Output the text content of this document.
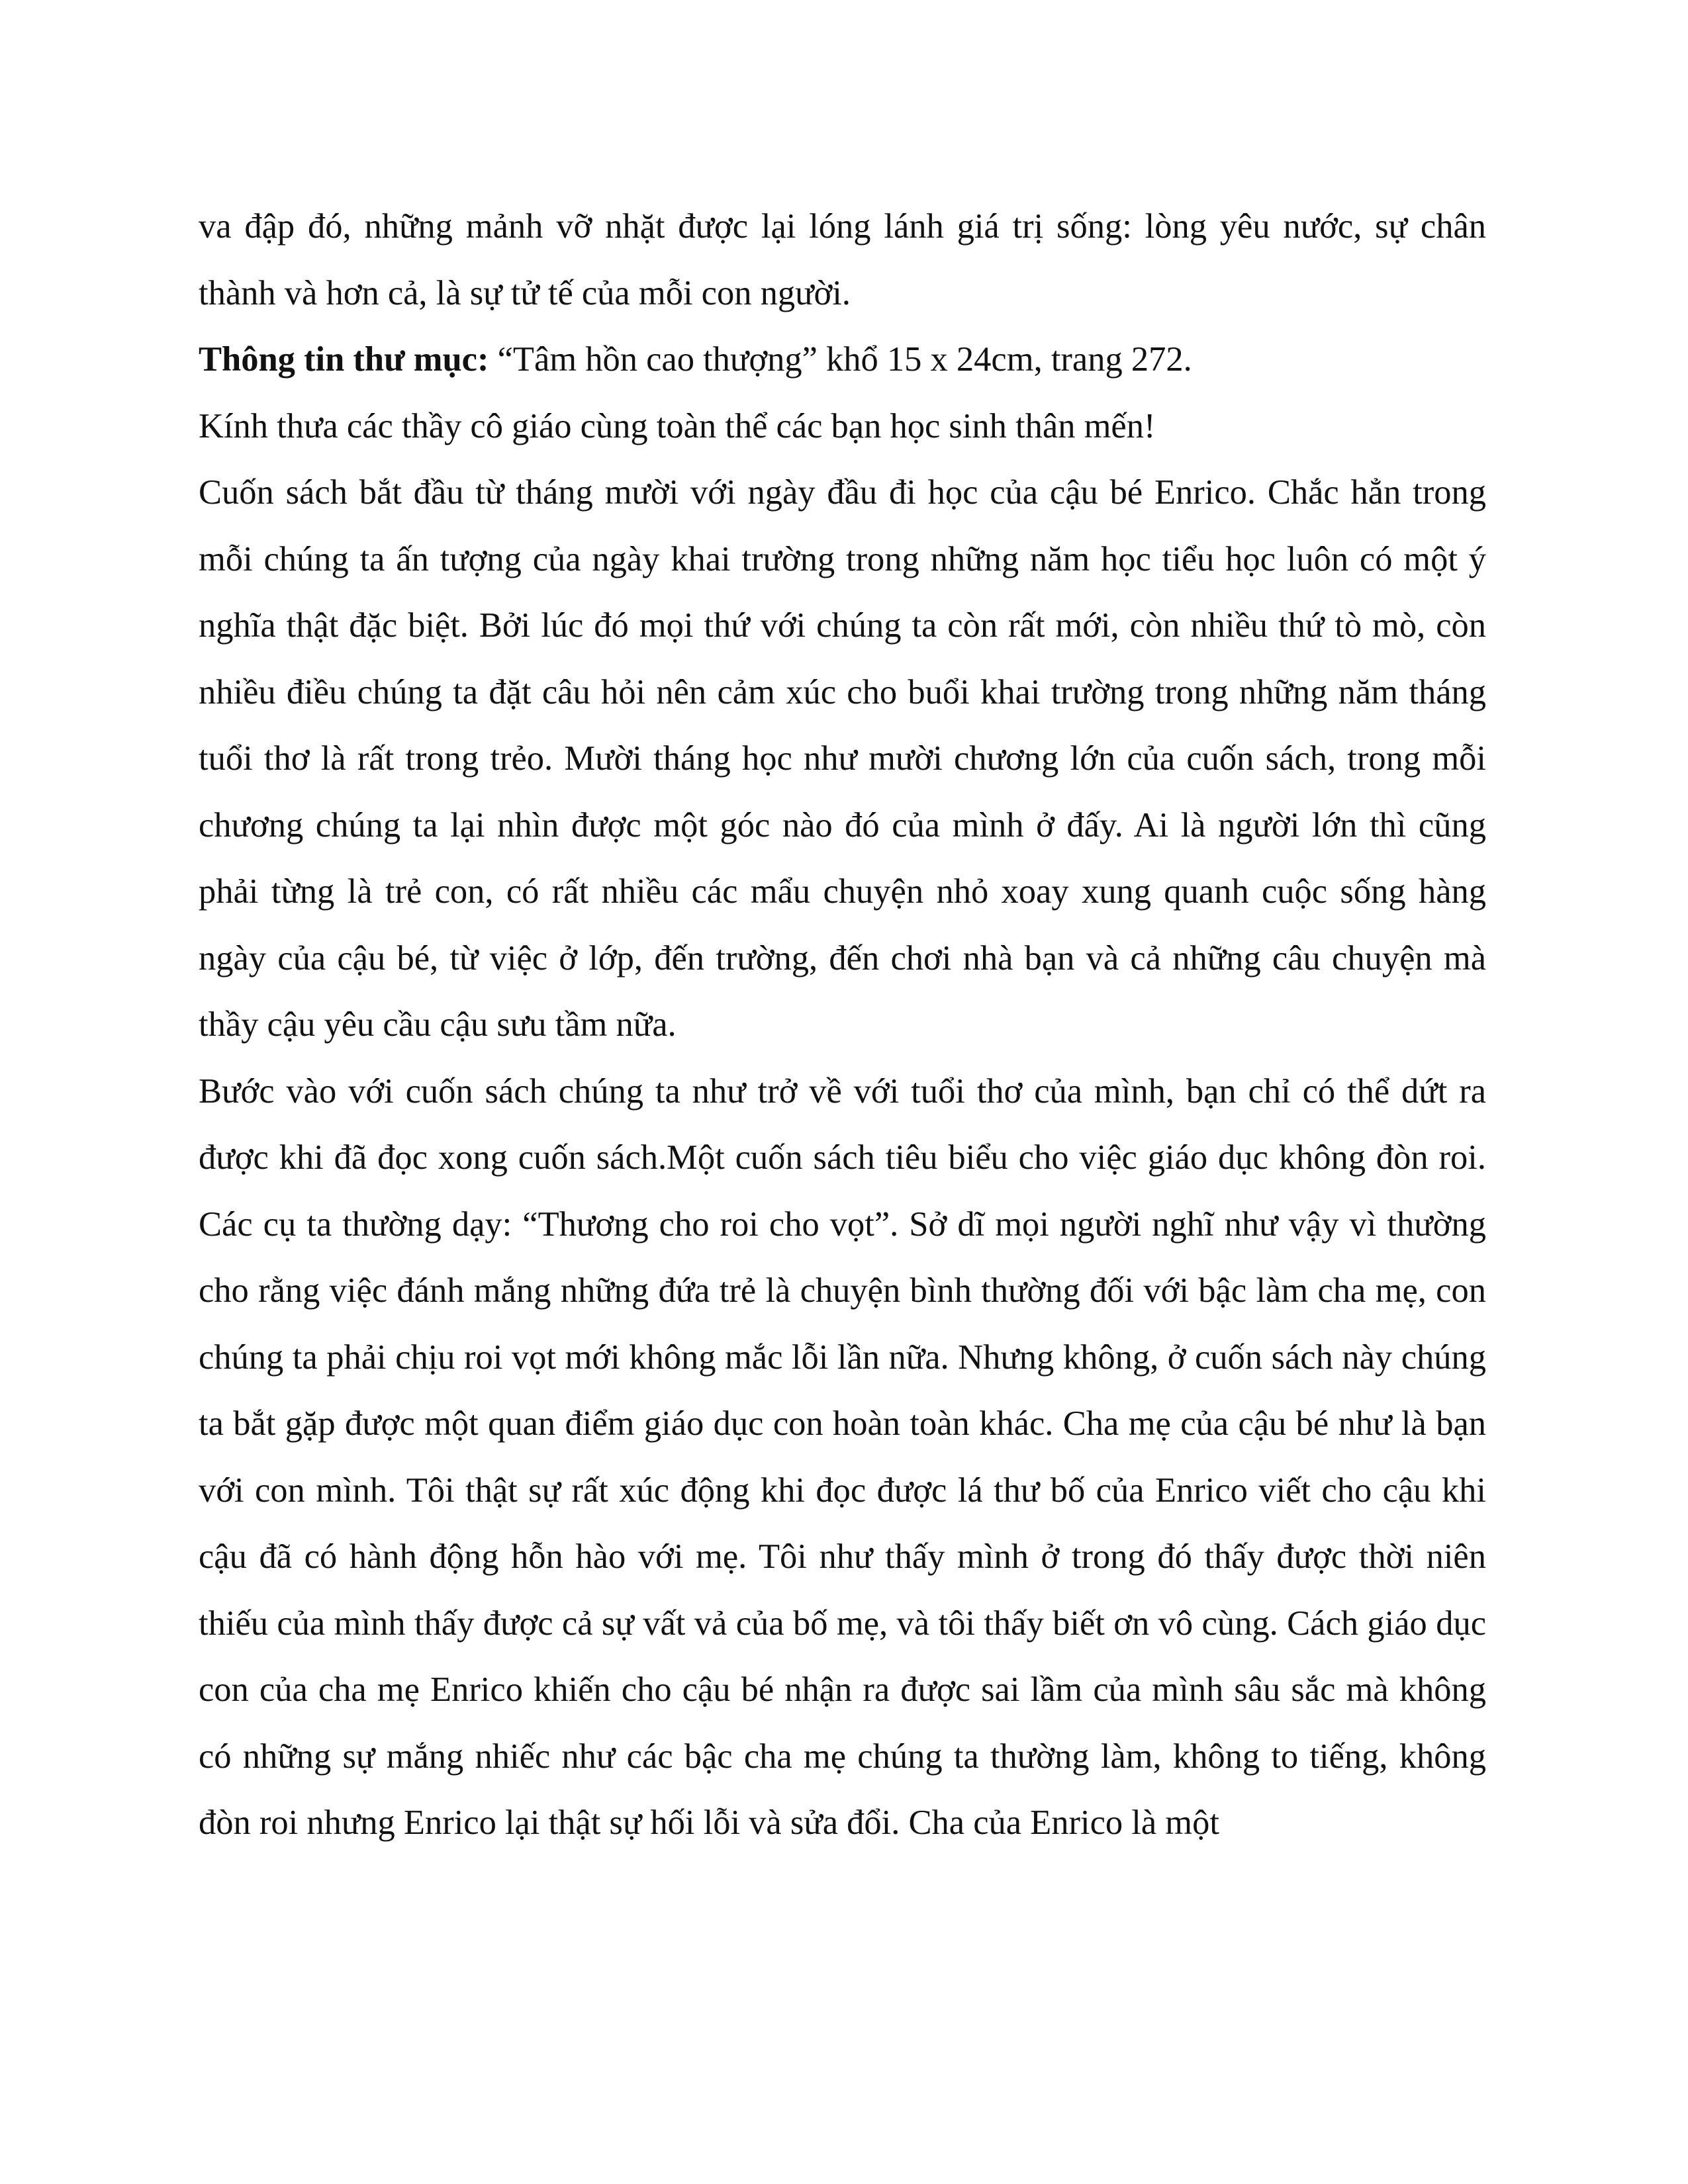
va đập đó, những mảnh vỡ nhặt được lại lóng lánh giá trị sống: lòng yêu nước, sự chân thành và hơn cả, là sự tử tế của mỗi con người.

Thông tin thư mục: “Tâm hồn cao thượng” khổ 15 x 24cm, trang 272.

Kính thưa các thầy cô giáo cùng toàn thể các bạn học sinh thân mến!

Cuốn sách bắt đầu từ tháng mười với ngày đầu đi học của cậu bé Enrico. Chắc hẳn trong mỗi chúng ta ấn tượng của ngày khai trường trong những năm học tiểu học luôn có một ý nghĩa thật đặc biệt. Bởi lúc đó mọi thứ với chúng ta còn rất mới, còn nhiều thứ tò mò, còn nhiều điều chúng ta đặt câu hỏi nên cảm xúc cho buổi khai trường trong những năm tháng tuổi thơ là rất trong trẻo. Mười tháng học như mười chương lớn của cuốn sách, trong mỗi chương chúng ta lại nhìn được một góc nào đó của mình ở đấy. Ai là người lớn thì cũng phải từng là trẻ con, có rất nhiều các mẩu chuyện nhỏ xoay xung quanh cuộc sống hàng ngày của cậu bé, từ việc ở lớp, đến trường, đến chơi nhà bạn và cả những câu chuyện mà thầy cậu yêu cầu cậu sưu tầm nữa.

Bước vào với cuốn sách chúng ta như trở về với tuổi thơ của mình, bạn chỉ có thể dứt ra được khi đã đọc xong cuốn sách.Một cuốn sách tiêu biểu cho việc giáo dục không đòn roi. Các cụ ta thường dạy: “Thương cho roi cho vọt”. Sở dĩ mọi người nghĩ như vậy vì thường cho rằng việc đánh mắng những đứa trẻ là chuyện bình thường đối với bậc làm cha mẹ, con chúng ta phải chịu roi vọt mới không mắc lỗi lần nữa. Nhưng không, ở cuốn sách này chúng ta bắt gặp được một quan điểm giáo dục con hoàn toàn khác. Cha mẹ của cậu bé như là bạn với con mình. Tôi thật sự rất xúc động khi đọc được lá thư bố của Enrico viết cho cậu khi cậu đã có hành động hỗn hào với mẹ. Tôi như thấy mình ở trong đó thấy được thời niên thiếu của mình thấy được cả sự vất vả của bố mẹ, và tôi thấy biết ơn vô cùng. Cách giáo dục con của cha mẹ Enrico khiến cho cậu bé nhận ra được sai lầm của mình sâu sắc mà không có những sự mắng nhiếc như các bậc cha mẹ chúng ta thường làm, không to tiếng, không đòn roi nhưng Enrico lại thật sự hối lỗi và sửa đổi. Cha của Enrico là một
